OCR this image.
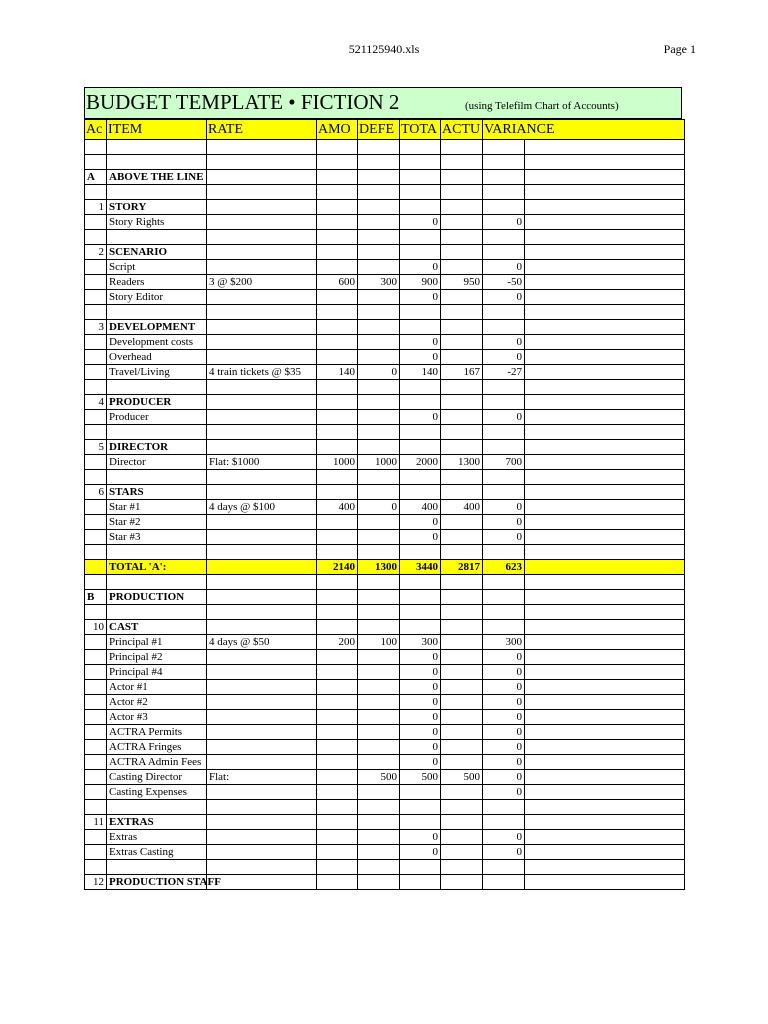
521125940.xls	Page 1
BUDGET TEMPLATE • FICTION 2	(using Telefilm Chart of Accounts)
Ac	ITEM	RATE	AMO	DEFE	TOTA	ACTU	VARIANCE	

A	ABOVE THE LINE							

1	STORY							
	Story Rights				0		0	

2	SCENARIO							
	Script				0		0	
	Readers	3 @ $200	600	300	900	950	-50	
	Story Editor				0		0	

3	DEVELOPMENT							
	Development costs				0		0	
	Overhead				0		0	
	Travel/Living	4 train tickets @ $35	140	0	140	167	-27	

4	PRODUCER							
	Producer				0		0	

5	DIRECTOR							
	Director	Flat: $1000	1000	1000	2000	1300	700	

6	STARS							
	Star #1	4 days @ $100	400	0	400	400	0	
	Star #2				0		0	
	Star #3				0		0	

	TOTAL 'A':		2140	1300	3440	2817	623	

B	PRODUCTION							

10	CAST							
	Principal #1	4 days @ $50	200	100	300		300	
	Principal #2				0		0	
	Principal #4				0		0	
	Actor #1				0		0	
	Actor #2				0		0	
	Actor #3				0		0	
	ACTRA Permits				0		0	
	ACTRA Fringes				0		0	
	ACTRA Admin Fees				0		0	
	Casting Director	Flat:		500	500	500	0	
	Casting Expenses						0	

11	EXTRAS							
	Extras				0		0	
	Extras Casting				0		0	

12	PRODUCTION STAFF							
